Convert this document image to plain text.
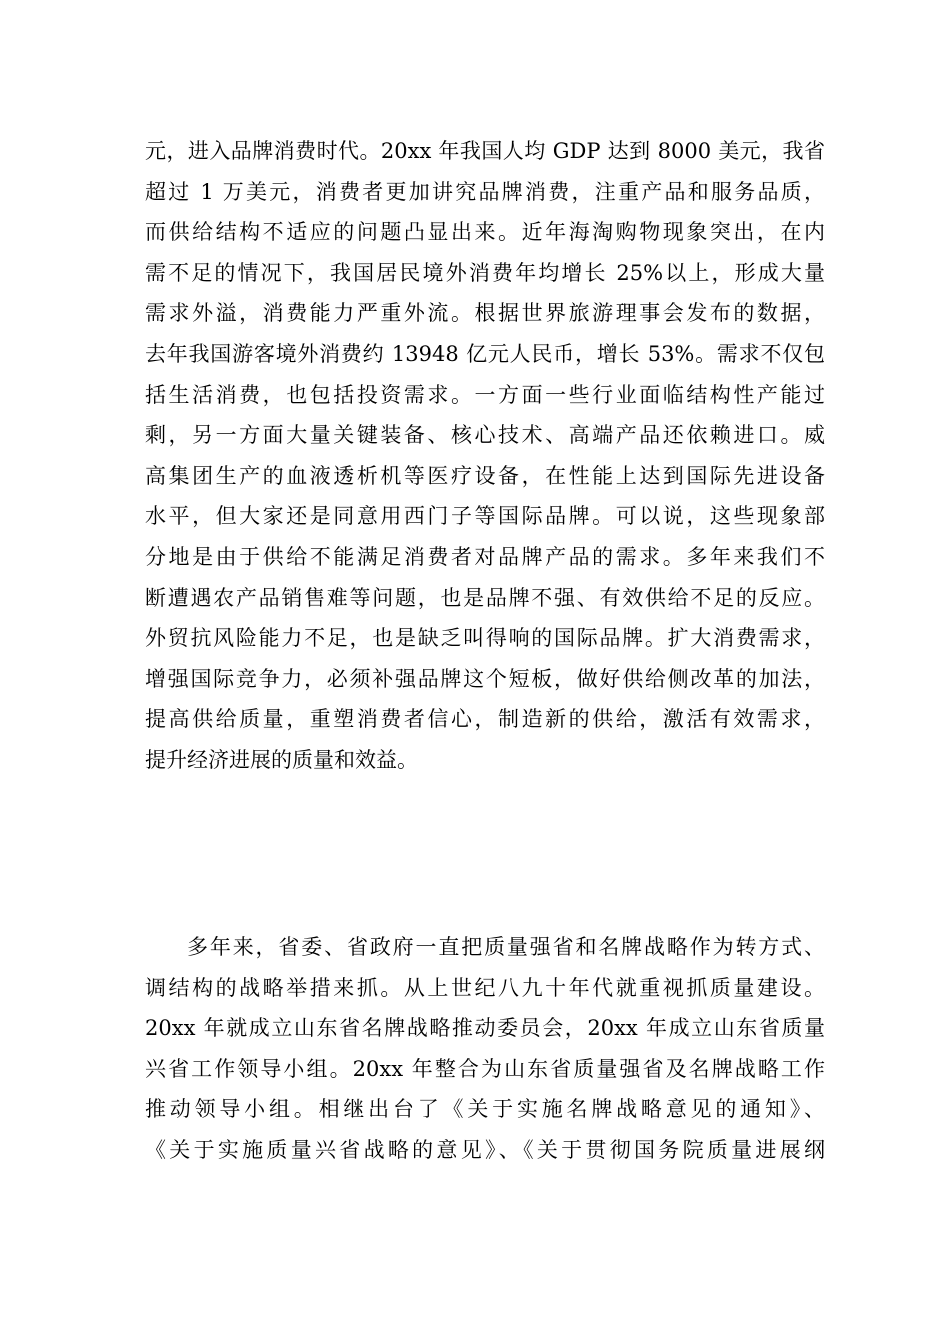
元，进入品牌消费时代。20xx 年我国人均 GDP 达到 8000 美元，我省
超过 1 万美元，消费者更加讲究品牌消费，注重产品和服务品质，
而供给结构不适应的问题凸显出来。近年海淘购物现象突出，在内
需不足的情况下，我国居民境外消费年均增长 25%以上，形成大量
需求外溢，消费能力严重外流。根据世界旅游理事会发布的数据，
去年我国游客境外消费约 13948 亿元人民币，增长 53%。需求不仅包
括生活消费，也包括投资需求。一方面一些行业面临结构性产能过
剩，另一方面大量关键装备、核心技术、高端产品还依赖进口。威
高集团生产的血液透析机等医疗设备，在性能上达到国际先进设备
水平，但大家还是同意用西门子等国际品牌。可以说，这些现象部
分地是由于供给不能满足消费者对品牌产品的需求。多年来我们不
断遭遇农产品销售难等问题，也是品牌不强、有效供给不足的反应。
外贸抗风险能力不足，也是缺乏叫得响的国际品牌。扩大消费需求，
增强国际竞争力，必须补强品牌这个短板，做好供给侧改革的加法，
提高供给质量，重塑消费者信心，制造新的供给，激活有效需求，
提升经济进展的质量和效益。
多年来，省委、省政府一直把质量强省和名牌战略作为转方式、
调结构的战略举措来抓。从上世纪八九十年代就重视抓质量建设。
20xx 年就成立山东省名牌战略推动委员会，20xx 年成立山东省质量
兴省工作领导小组。20xx 年整合为山东省质量强省及名牌战略工作
推动领导小组。相继出台了《关于实施名牌战略意见的通知》、
《关于实施质量兴省战略的意见》、《关于贯彻国务院质量进展纲
